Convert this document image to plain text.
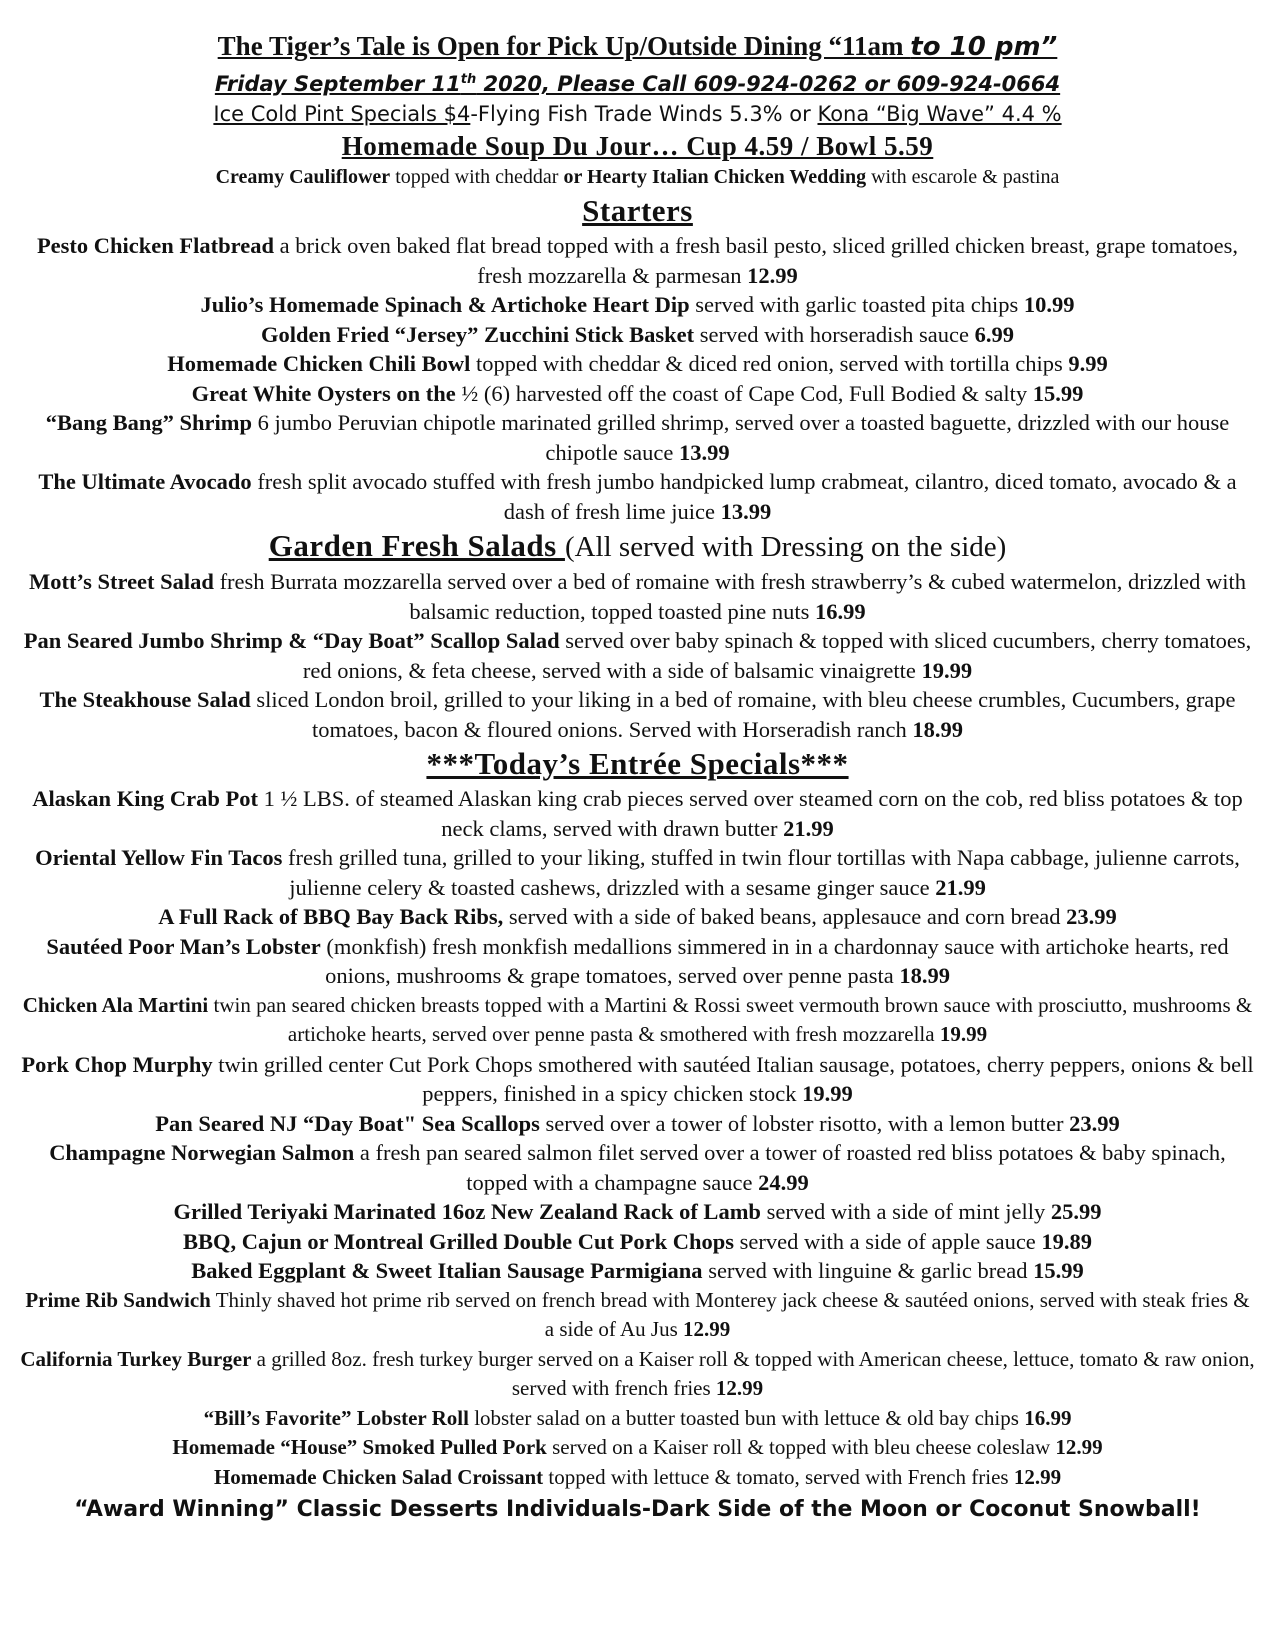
The Tiger’s Tale is Open for Pick Up/Outside Dining “11am to 10 pm”
Friday September 11th 2020, Please Call 609-924-0262 or 609-924-0664
Ice Cold Pint Specials $4-Flying Fish Trade Winds 5.3% or Kona “Big Wave” 4.4 %
Homemade Soup Du Jour… Cup 4.59 / Bowl 5.59
Creamy Cauliflower topped with cheddar or Hearty Italian Chicken Wedding with escarole & pastina
Starters

Pesto Chicken Flatbread a brick oven baked flat bread topped with a fresh basil pesto, sliced grilled chicken breast, grape tomatoes, fresh mozzarella & parmesan 12.99

Julio’s Homemade Spinach & Artichoke Heart Dip served with garlic toasted pita chips 10.99

Golden Fried “Jersey” Zucchini Stick Basket served with horseradish sauce 6.99

Homemade Chicken Chili Bowl topped with cheddar & diced red onion, served with tortilla chips 9.99

Great White Oysters on the ½ (6) harvested off the coast of Cape Cod, Full Bodied & salty 15.99

“Bang Bang” Shrimp 6 jumbo Peruvian chipotle marinated grilled shrimp, served over a toasted baguette, drizzled with our house chipotle sauce 13.99

The Ultimate Avocado fresh split avocado stuffed with fresh jumbo handpicked lump crabmeat, cilantro, diced tomato, avocado & a dash of fresh lime juice 13.99

Garden Fresh Salads (All served with Dressing on the side)

Mott’s Street Salad fresh Burrata mozzarella served over a bed of romaine with fresh strawberry’s & cubed watermelon, drizzled with balsamic reduction, topped toasted pine nuts 16.99

Pan Seared Jumbo Shrimp & “Day Boat” Scallop Salad served over baby spinach & topped with sliced cucumbers, cherry tomatoes, red onions, & feta cheese, served with a side of balsamic vinaigrette 19.99

The Steakhouse Salad sliced London broil, grilled to your liking in a bed of romaine, with bleu cheese crumbles, Cucumbers, grape tomatoes, bacon & floured onions. Served with Horseradish ranch 18.99

***Today’s Entrée Specials***

Alaskan King Crab Pot 1 ½ LBS. of steamed Alaskan king crab pieces served over steamed corn on the cob, red bliss potatoes & top neck clams, served with drawn butter 21.99

Oriental Yellow Fin Tacos fresh grilled tuna, grilled to your liking, stuffed in twin flour tortillas with Napa cabbage, julienne carrots, julienne celery & toasted cashews, drizzled with a sesame ginger sauce 21.99

A Full Rack of BBQ Bay Back Ribs, served with a side of baked beans, applesauce and corn bread 23.99

Sautéed Poor Man’s Lobster (monkfish) fresh monkfish medallions simmered in in a chardonnay sauce with artichoke hearts, red onions, mushrooms & grape tomatoes, served over penne pasta 18.99

Chicken Ala Martini twin pan seared chicken breasts topped with a Martini & Rossi sweet vermouth brown sauce with prosciutto, mushrooms & artichoke hearts, served over penne pasta & smothered with fresh mozzarella 19.99

Pork Chop Murphy twin grilled center Cut Pork Chops smothered with sautéed Italian sausage, potatoes, cherry peppers, onions & bell peppers, finished in a spicy chicken stock 19.99

Pan Seared NJ “Day Boat" Sea Scallops served over a tower of lobster risotto, with a lemon butter 23.99

Champagne Norwegian Salmon a fresh pan seared salmon filet served over a tower of roasted red bliss potatoes & baby spinach, topped with a champagne sauce 24.99

Grilled Teriyaki Marinated 16oz New Zealand Rack of Lamb served with a side of mint jelly 25.99

BBQ, Cajun or Montreal Grilled Double Cut Pork Chops served with a side of apple sauce 19.89

Baked Eggplant & Sweet Italian Sausage Parmigiana served with linguine & garlic bread 15.99

Prime Rib Sandwich Thinly shaved hot prime rib served on french bread with Monterey jack cheese & sautéed onions, served with steak fries & a side of Au Jus 12.99

California Turkey Burger a grilled 8oz. fresh turkey burger served on a Kaiser roll & topped with American cheese, lettuce, tomato & raw onion, served with french fries 12.99

“Bill’s Favorite” Lobster Roll lobster salad on a butter toasted bun with lettuce & old bay chips 16.99

Homemade “House” Smoked Pulled Pork served on a Kaiser roll & topped with bleu cheese coleslaw 12.99

Homemade Chicken Salad Croissant topped with lettuce & tomato, served with French fries 12.99

“Award Winning” Classic Desserts Individuals-Dark Side of the Moon or Coconut Snowball!
